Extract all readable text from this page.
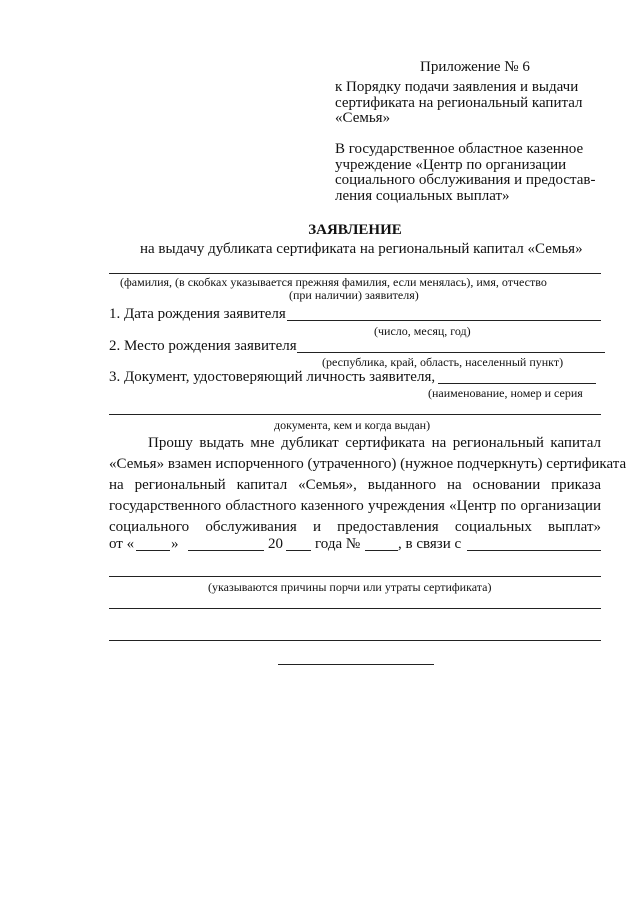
Приложение № 6
к Порядку подачи заявления и выдачи
сертификата на региональный капитал
«Семья»
В государственное областное казенное
учреждение «Центр по организации
социального обслуживания и предостав-
ления социальных выплат»
ЗАЯВЛЕНИЕ
на выдачу дубликата сертификата на региональный капитал «Семья»
(фамилия, (в скобках указывается прежняя фамилия, если менялась), имя, отчество
(при наличии) заявителя)
1. Дата рождения заявителя
(число, месяц, год)
2. Место рождения заявителя
(республика, край, область, населенный пункт)
3. Документ, удостоверяющий личность заявителя,
(наименование, номер и серия
документа, кем и когда выдан)
Прошу выдать мне дубликат сертификата на региональный капитал
«Семья» взамен испорченного (утраченного) (нужное подчеркнуть) сертификата
на региональный капитал «Семья», выданного на основании приказа
государственного областного казенного учреждения «Центр по организации
социального обслуживания и предоставления социальных выплат»
от « »	20 года №	, в связи с
(указываются причины порчи или утраты сертификата)
